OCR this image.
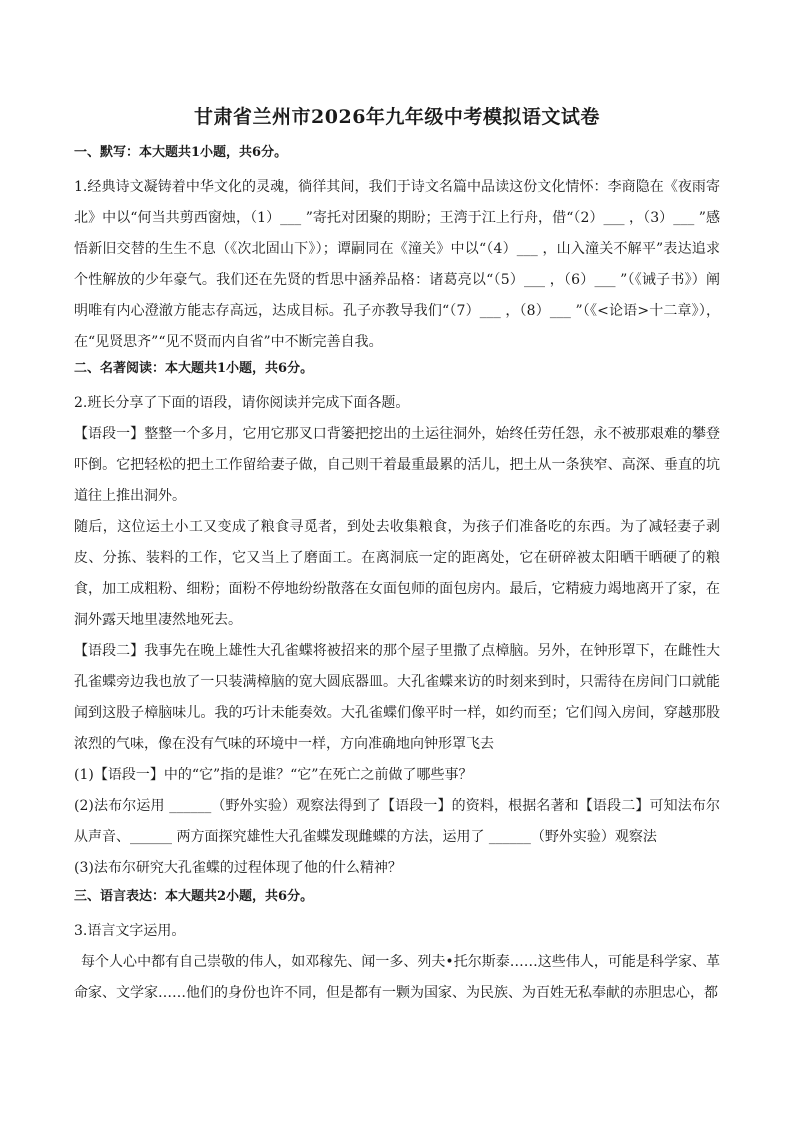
甘肃省兰州市2026年九年级中考模拟语文试卷
一、默写：本大题共1小题，共6分。

1.经典诗文凝铸着中华文化的灵魂，徜徉其间，我们于诗文名篇中品读这份文化情怀：李商隐在《夜雨寄北》中以“何当共剪西窗烛，（1）___ ”寄托对团聚的期盼；王湾于江上行舟，借“（2）___ ，（3）___ ”感悟新旧交替的生生不息（《次北固山下》）；谭嗣同在《潼关》中以“（4）___ ，山入潼关不解平”表达追求个性解放的少年豪气。我们还在先贤的哲思中涵养品格：诸葛亮以“（5）___ ，（6）___ ”（《诫子书》）阐明唯有内心澄澈方能志存高远，达成目标。孔子亦教导我们“（7）___ ，（8）___ ”（《<论语>十二章》），在“见贤思齐”“见不贤而内自省”中不断完善自我。

二、名著阅读：本大题共1小题，共6分。

2.班长分享了下面的语段，请你阅读并完成下面各题。

【语段一】整整一个多月，它用它那叉口背篓把挖出的土运往洞外，始终任劳任怨，永不被那艰难的攀登吓倒。它把轻松的把土工作留给妻子做，自己则干着最重最累的活儿，把土从一条狭窄、高深、垂直的坑道往上推出洞外。

随后，这位运土小工又变成了粮食寻觅者，到处去收集粮食，为孩子们准备吃的东西。为了减轻妻子剥皮、分拣、装料的工作，它又当上了磨面工。在离洞底一定的距离处，它在研碎被太阳晒干晒硬了的粮食，加工成粗粉、细粉；面粉不停地纷纷散落在女面包师的面包房内。最后，它精疲力竭地离开了家，在洞外露天地里凄然地死去。

【语段二】我事先在晚上雄性大孔雀蝶将被招来的那个屋子里撒了点樟脑。另外，在钟形罩下，在雌性大孔雀蝶旁边我也放了一只装满樟脑的宽大圆底器皿。大孔雀蝶来访的时刻来到时，只需待在房间门口就能闻到这股子樟脑味儿。我的巧计未能奏效。大孔雀蝶们像平时一样，如约而至；它们闯入房间，穿越那股浓烈的气味，像在没有气味的环境中一样，方向准确地向钟形罩飞去

(1)【语段一】中的“它”指的是谁？“它”在死亡之前做了哪些事？

(2)法布尔运用 ______（野外实验）观察法得到了【语段一】的资料，根据名著和【语段二】可知法布尔从声音、______ 两方面探究雄性大孔雀蝶发现雌蝶的方法，运用了 ______（野外实验）观察法

(3)法布尔研究大孔雀蝶的过程体现了他的什么精神？

三、语言表达：本大题共2小题，共6分。

3.语言文字运用。

每个人心中都有自己崇敬的伟人，如邓稼先、闻一多、列夫•托尔斯泰……这些伟人，可能是科学家、革命家、文学家……他们的身份也许不同，但是都有一颗为国家、为民族、为百姓无私奉献的赤胆忠心，都
